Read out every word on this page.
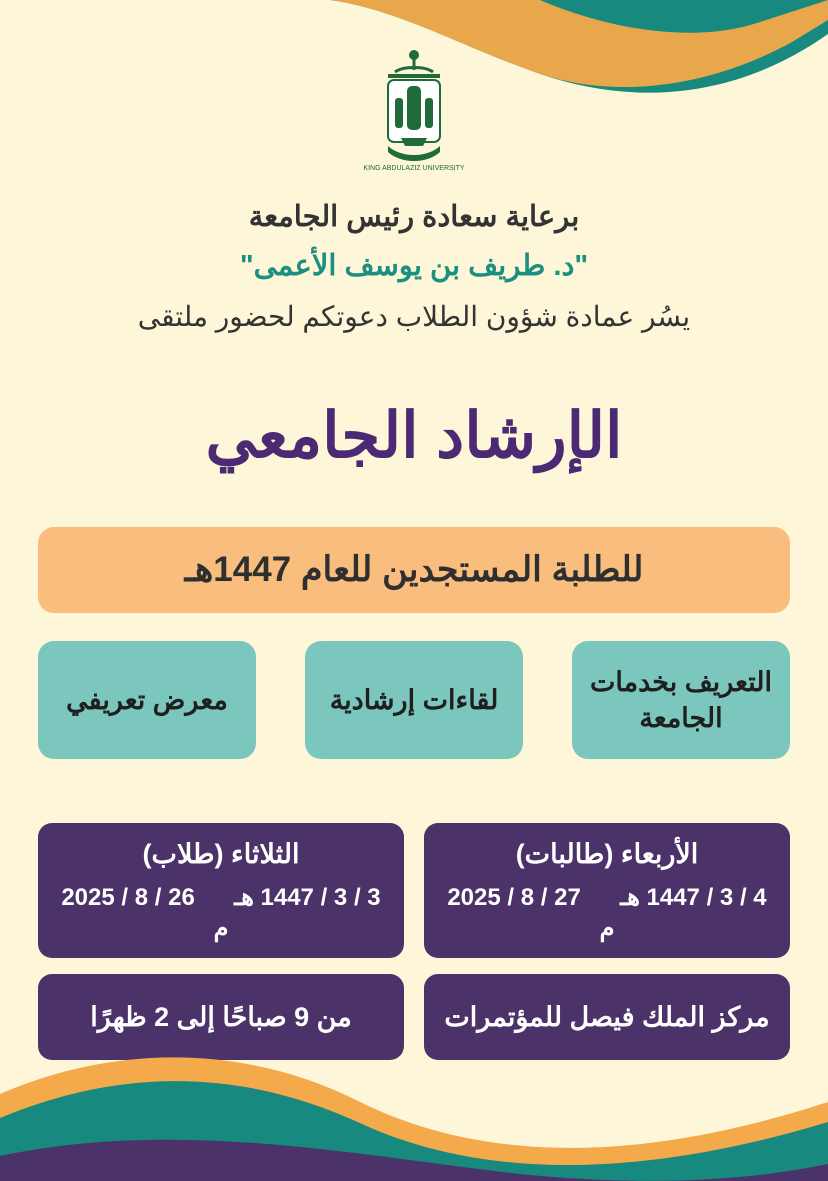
KING ABDULAZIZ UNIVERSITY
برعاية سعادة رئيس الجامعة
"د. طريف بن يوسف الأعمى"
يسُر عمادة شؤون الطلاب دعوتكم لحضور ملتقى
الإرشاد الجامعي
للطلبة المستجدين للعام 1447هـ
التعريف بخدمات الجامعة
لقاءات إرشادية
معرض تعريفي
الأربعاء (طالبات)
4 / 3 / 1447 هـ  27 / 8 / 2025 م
الثلاثاء (طلاب)
3 / 3 / 1447 هـ  26 / 8 / 2025 م
مركز الملك فيصل للمؤتمرات
من 9 صباحًا إلى 2 ظهرًا
